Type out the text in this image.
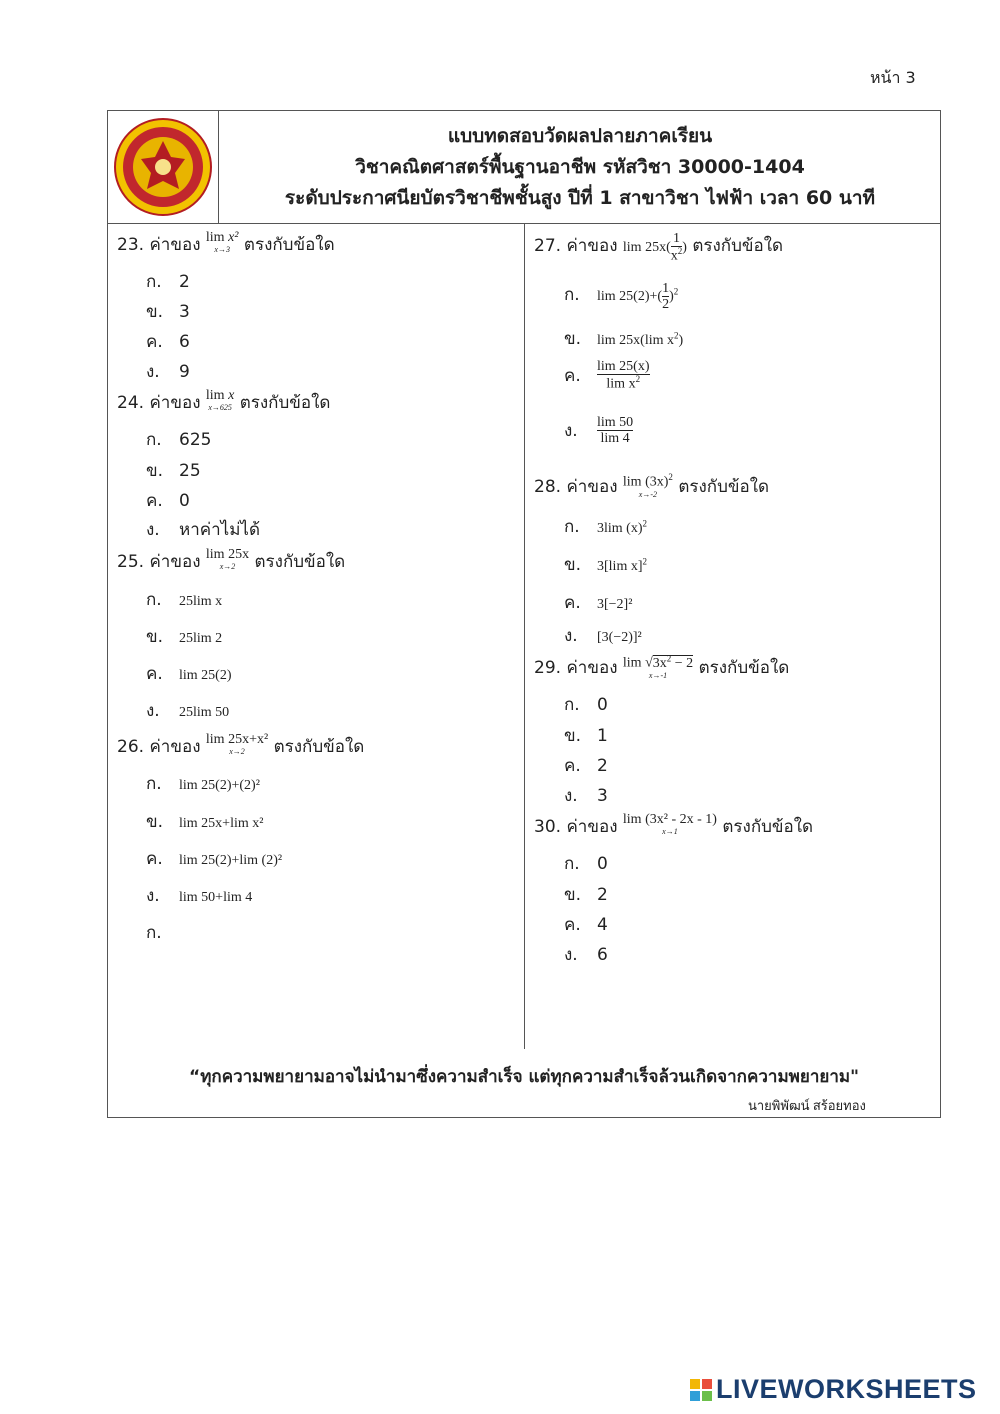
หน้า 3
แบบทดสอบวัดผลปลายภาคเรียน
วิชาคณิตศาสตร์พื้นฐานอาชีพ รหัสวิชา 30000-1404
ระดับประกาศนียบัตรวิชาชีพชั้นสูง ปีที่ 1 สาขาวิชา ไฟฟ้า เวลา 60 นาที
23. ค่าของ lim x²
x→3 ตรงกับข้อใด
ก. 2
ข. 3
ค. 6
ง. 9
24. ค่าของ lim x
x→625 ตรงกับข้อใด
ก. 625
ข. 25
ค. 0
ง. หาค่าไม่ได้
25. ค่าของ lim 25x
x→2 ตรงกับข้อใด
ก. 25lim x
ข. 25lim 2
ค. lim 25(2)
ง. 25lim 50
26. ค่าของ lim 25x+x²
x→2 ตรงกับข้อใด
ก. lim 25(2)+(2)²
ข. lim 25x+lim x²
ค. lim 25(2)+lim (2)²
ง. lim 50+lim 4
ก.
27. ค่าของ $\lim 25x( \frac{1}{x^2}$ ) ตรงกับข้อใด
ก. $\lim 25(2)+( \frac{1}{2} )^2$
ข. lim 25x(lim $x^2$)
ค. $\frac{\lim 25(x)}{\lim x^2}$
ง. $\frac{\lim 50}{\lim 4}$
28. ค่าของ $\lim (3x)^2$
x→-2 ตรงกับข้อใด
ก. 3lim $(x)^2$
ข. 3[lim x]$^2$
ค. 3[−2]²
ง. [3(−2)]²
29. ค่าของ $\lim √3x^2 - 2$
x→-1 ตรงกับข้อใด
ก. 0
ข. 1
ค. 2
ง. 3
30. ค่าของ lim (3x² - 2x - 1)
x→1	ตรงกับข้อใด
ก. 0
ข. 2
ค. 4
ง. 6
“ทุกความพยายามอาจไม่นำมาซึ่งความสำเร็จ แต่ทุกความสำเร็จล้วนเกิดจากความพยายาม"
นายพิพัฒน์ สร้อยทอง
LIVEWORKSHEETS
